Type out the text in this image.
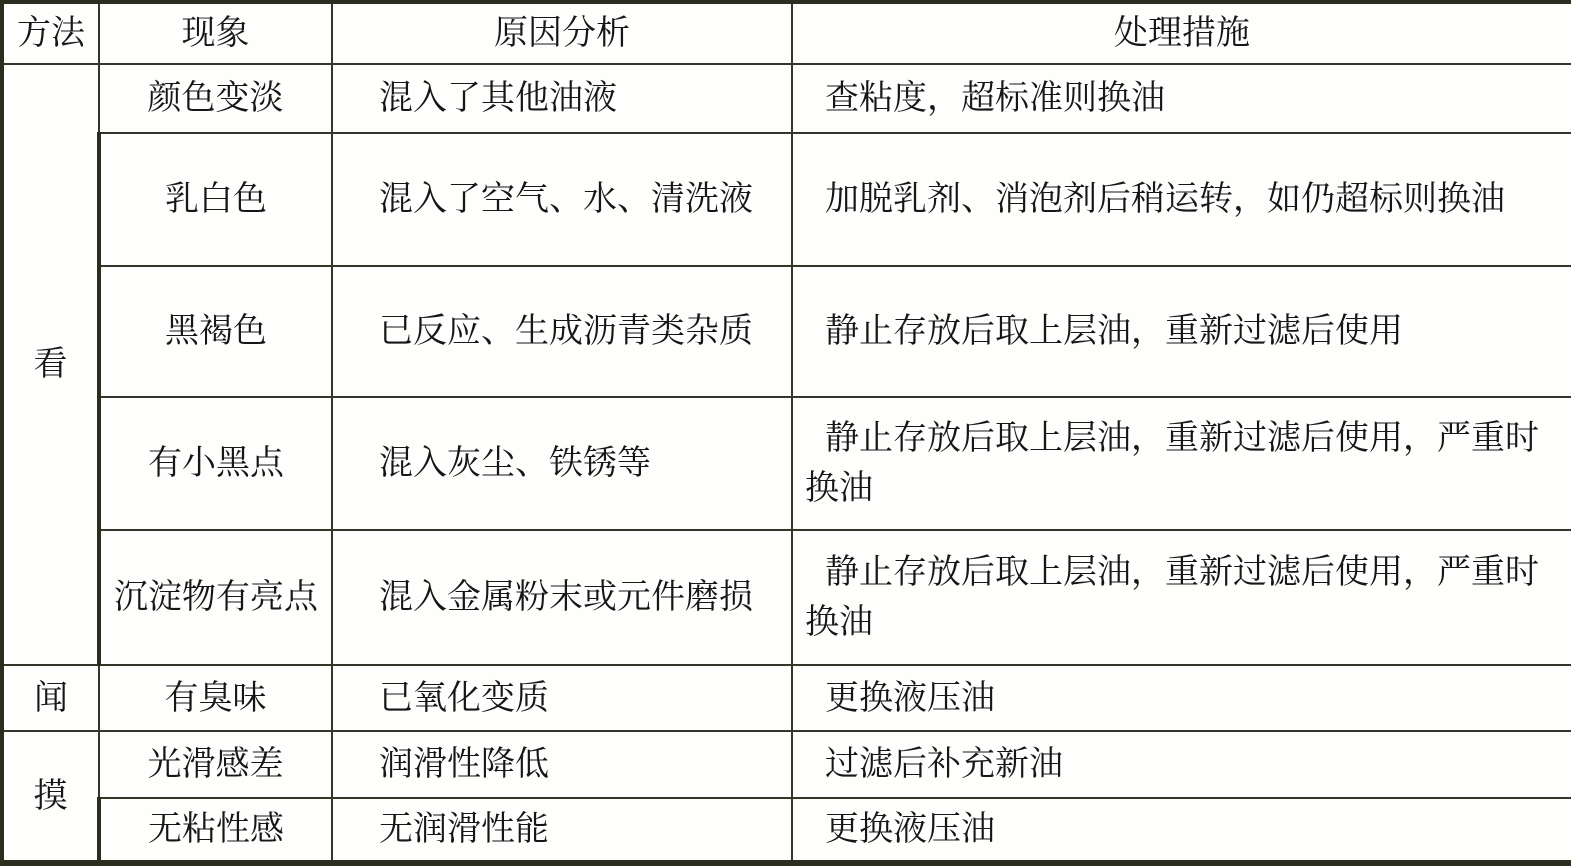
方法	现象	原因分析	处理措施
看	颜色变淡	混入了其他油液	查粘度，超标准则换油
	乳白色	混入了空气、水、清洗液	加脱乳剂、消泡剂后稍运转，如仍超标则换油
	黑褐色	已反应、生成沥青类杂质	静止存放后取上层油，重新过滤后使用
	有小黑点	混入灰尘、铁锈等	静止存放后取上层油，重新过滤后使用，严重时换油
	沉淀物有亮点	混入金属粉末或元件磨损	静止存放后取上层油，重新过滤后使用，严重时换油
闻	有臭味	已氧化变质	更换液压油
摸	光滑感差	润滑性降低	过滤后补充新油
	无粘性感	无润滑性能	更换液压油
